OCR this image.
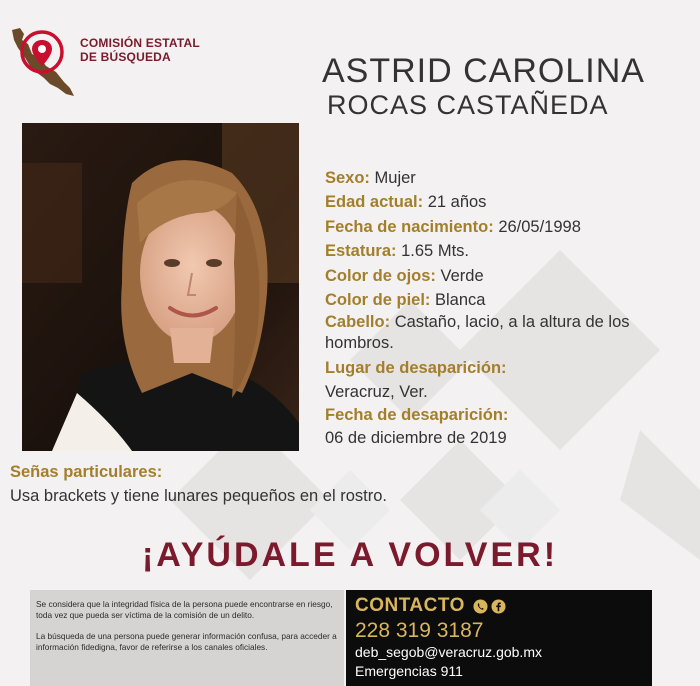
COMISIÓN ESTATAL
DE BÚSQUEDA	ASTRID CAROLINA
ROCAS CASTAÑEDA
Sexo: Mujer
Edad actual: 21 años
Fecha de nacimiento: 26/05/1998
Estatura: 1.65 Mts.
Color de ojos: Verde
Color de piel: Blanca
Cabello: Castaño, lacio, a la altura de los hombros.
Lugar de desaparición:
Veracruz, Ver.
Fecha de desaparición:
06 de diciembre de 2019
Señas particulares:
Usa brackets y tiene lunares pequeños en el rostro.
¡AYÚDALE A VOLVER!

Se considera que la integridad física de la persona puede encontrarse en riesgo, toda vez que pueda ser víctima de la comisión de un delito.

La búsqueda de una persona puede generar información confusa, para acceder a información fidedigna, favor de referirse a los canales oficiales.

CONTACTO
228 319 3187
deb_segob@veracruz.gob.mx
Emergencias 911
